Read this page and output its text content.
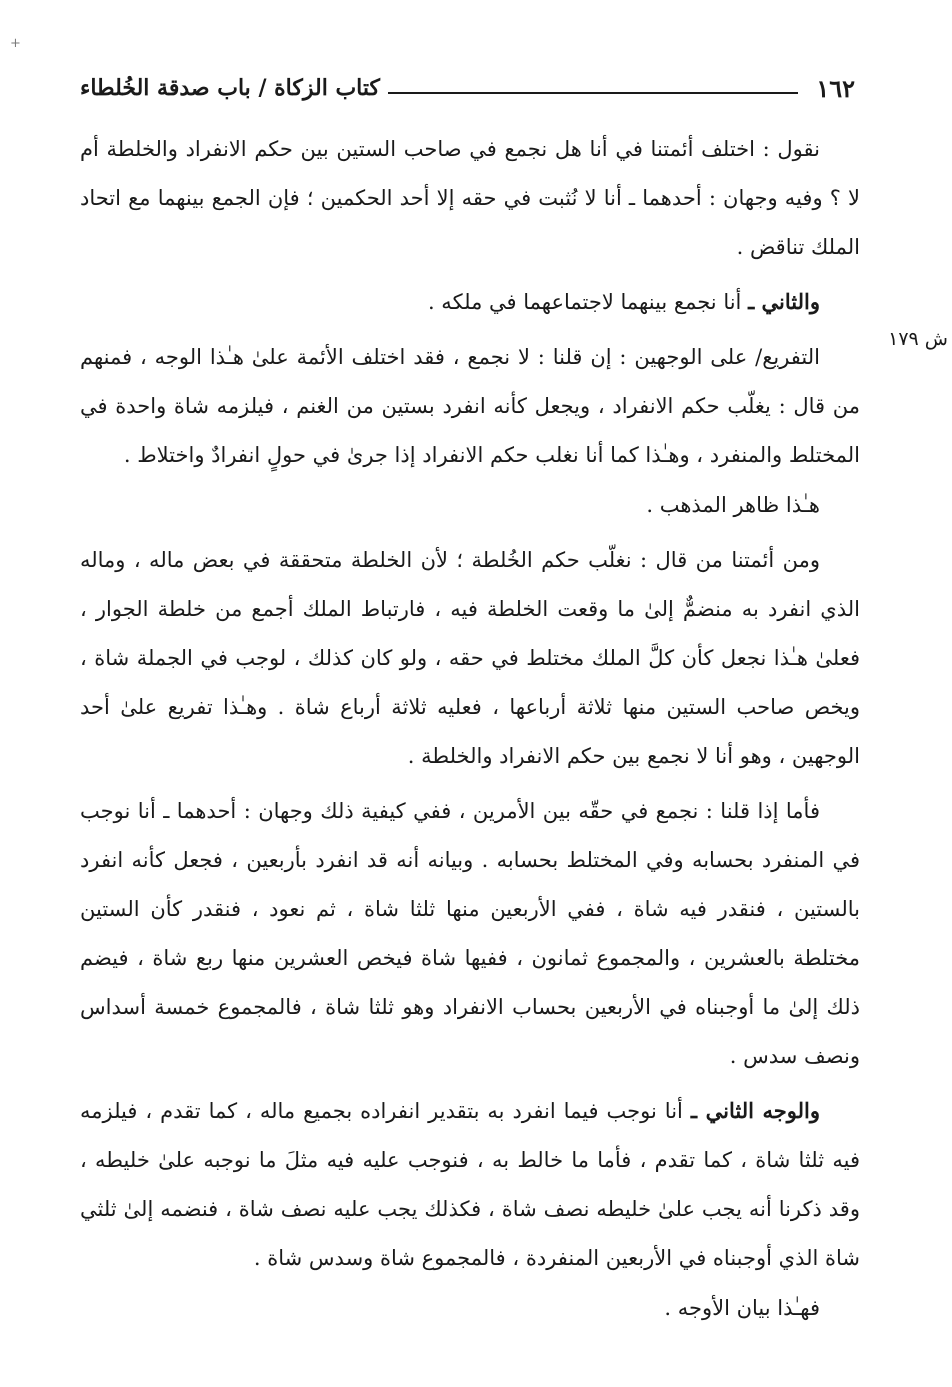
+
١٦٢
كتاب الزكاة / باب صدقة الخُلطاء
ش ١٧٩

نقول : اختلف أئمتنا في أنا هل نجمع في صاحب الستين بين حكم الانفراد والخلطة أم لا ؟ وفيه وجهان : أحدهما ـ أنا لا نُثبت في حقه إلا أحد الحكمين ؛ فإن الجمع بينهما مع اتحاد الملك تناقض .

والثاني ـ أنا نجمع بينهما لاجتماعهما في ملكه .

التفريع/ على الوجهين : إن قلنا : لا نجمع ، فقد اختلف الأئمة علىٰ هـٰذا الوجه ، فمنهم من قال : يغلّب حكم الانفراد ، ويجعل كأنه انفرد بستين من الغنم ، فيلزمه شاة واحدة في المختلط والمنفرد ، وهـٰذا كما أنا نغلب حكم الانفراد إذا جرىٰ في حولٍ انفرادٌ واختلاط .

هـٰذا ظاهر المذهب .

ومن أئمتنا من قال : نغلّب حكم الخُلطة ؛ لأن الخلطة متحققة في بعض ماله ، وماله الذي انفرد به منضمٌّ إلىٰ ما وقعت الخلطة فيه ، فارتباط الملك أجمع من خلطة الجوار ، فعلىٰ هـٰذا نجعل كأن كلَّ الملك مختلط في حقه ، ولو كان كذلك ، لوجب في الجملة شاة ، ويخص صاحب الستين منها ثلاثة أرباعها ، فعليه ثلاثة أرباع شاة . وهـٰذا تفريع علىٰ أحد الوجهين ، وهو أنا لا نجمع بين حكم الانفراد والخلطة .

فأما إذا قلنا : نجمع في حقّه بين الأمرين ، ففي كيفية ذلك وجهان : أحدهما ـ أنا نوجب في المنفرد بحسابه وفي المختلط بحسابه . وبيانه أنه قد انفرد بأربعين ، فجعل كأنه انفرد بالستين ، فنقدر فيه شاة ، ففي الأربعين منها ثلثا شاة ، ثم نعود ، فنقدر كأن الستين مختلطة بالعشرين ، والمجموع ثمانون ، ففيها شاة فيخص العشرين منها ربع شاة ، فيضم ذلك إلىٰ ما أوجبناه في الأربعين بحساب الانفراد وهو ثلثا شاة ، فالمجموع خمسة أسداس ونصف سدس .

والوجه الثاني ـ أنا نوجب فيما انفرد به بتقدير انفراده بجميع ماله ، كما تقدم ، فيلزمه فيه ثلثا شاة ، كما تقدم ، فأما ما خالط به ، فنوجب عليه فيه مثلَ ما نوجبه علىٰ خليطه ، وقد ذكرنا أنه يجب علىٰ خليطه نصف شاة ، فكذلك يجب عليه نصف شاة ، فنضمه إلىٰ ثلثي شاة الذي أوجبناه في الأربعين المنفردة ، فالمجموع شاة وسدس شاة .

فهـٰذا بيان الأوجه .
